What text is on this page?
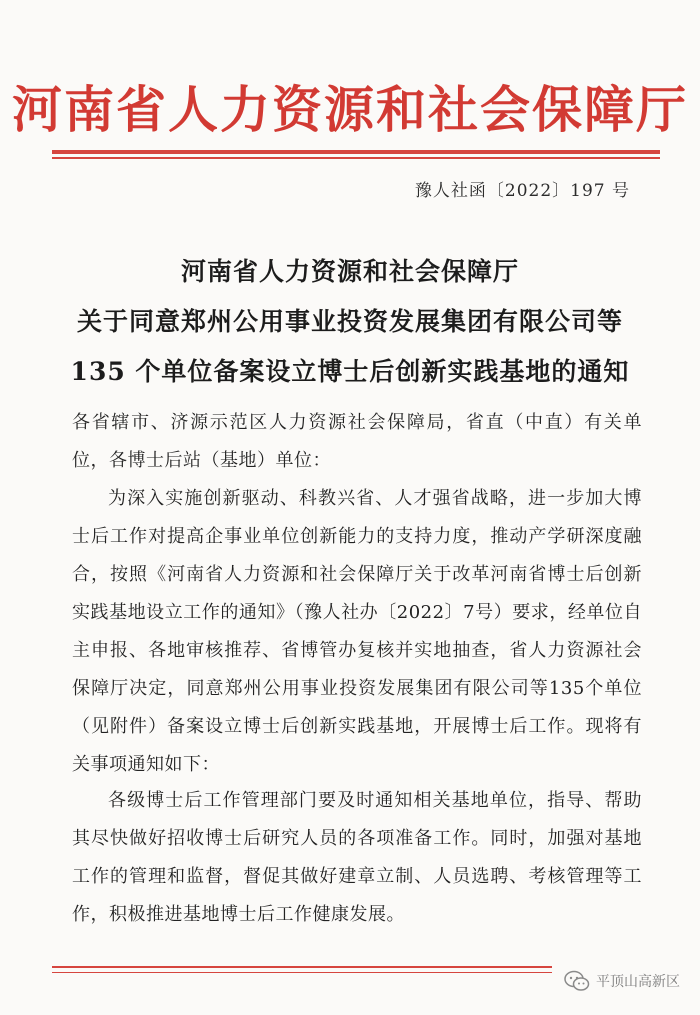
河南省人力资源和社会保障厅
豫人社函〔2022〕197 号
河南省人力资源和社会保障厅
关于同意郑州公用事业投资发展集团有限公司等
135 个单位备案设立博士后创新实践基地的通知
各省辖市、济源示范区人力资源社会保障局，省直（中直）有关单位，各博士后站（基地）单位：
为深入实施创新驱动、科教兴省、人才强省战略，进一步加大博士后工作对提高企事业单位创新能力的支持力度，推动产学研深度融合，按照《河南省人力资源和社会保障厅关于改革河南省博士后创新实践基地设立工作的通知》（豫人社办〔2022〕7号）要求，经单位自主申报、各地审核推荐、省博管办复核并实地抽查，省人力资源社会保障厅决定，同意郑州公用事业投资发展集团有限公司等135个单位（见附件）备案设立博士后创新实践基地，开展博士后工作。现将有关事项通知如下：
各级博士后工作管理部门要及时通知相关基地单位，指导、帮助其尽快做好招收博士后研究人员的各项准备工作。同时，加强对基地工作的管理和监督，督促其做好建章立制、人员选聘、考核管理等工作，积极推进基地博士后工作健康发展。
平顶山高新区
